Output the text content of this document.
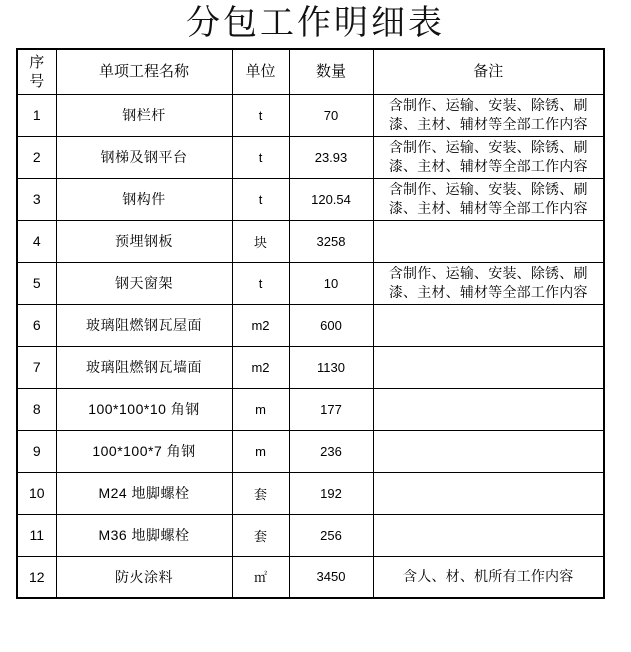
分包工作明细表
序号	单项工程名称	单位	数量	备注
1	钢栏杆	t	70	含制作、运输、安装、除锈、刷漆、主材、辅材等全部工作内容
2	钢梯及钢平台	t	23.93	含制作、运输、安装、除锈、刷漆、主材、辅材等全部工作内容
3	钢构件	t	120.54	含制作、运输、安装、除锈、刷漆、主材、辅材等全部工作内容
4	预埋钢板	块	3258	
5	钢天窗架	t	10	含制作、运输、安装、除锈、刷漆、主材、辅材等全部工作内容
6	玻璃阻燃钢瓦屋面	m2	600	
7	玻璃阻燃钢瓦墙面	m2	1130	
8	100*100*10 角钢	m	177	
9	100*100*7 角钢	m	236	
10	M24 地脚螺栓	套	192	
11	M36 地脚螺栓	套	256	
12	防火涂料	㎡	3450	含人、材、机所有工作内容
